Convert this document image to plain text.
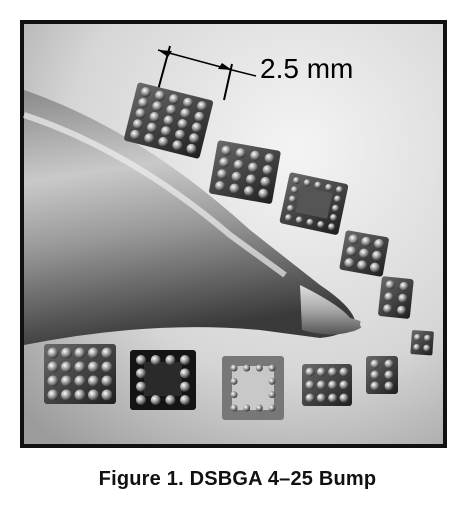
2.5 mm
Figure 1. DSBGA 4–25 Bump
